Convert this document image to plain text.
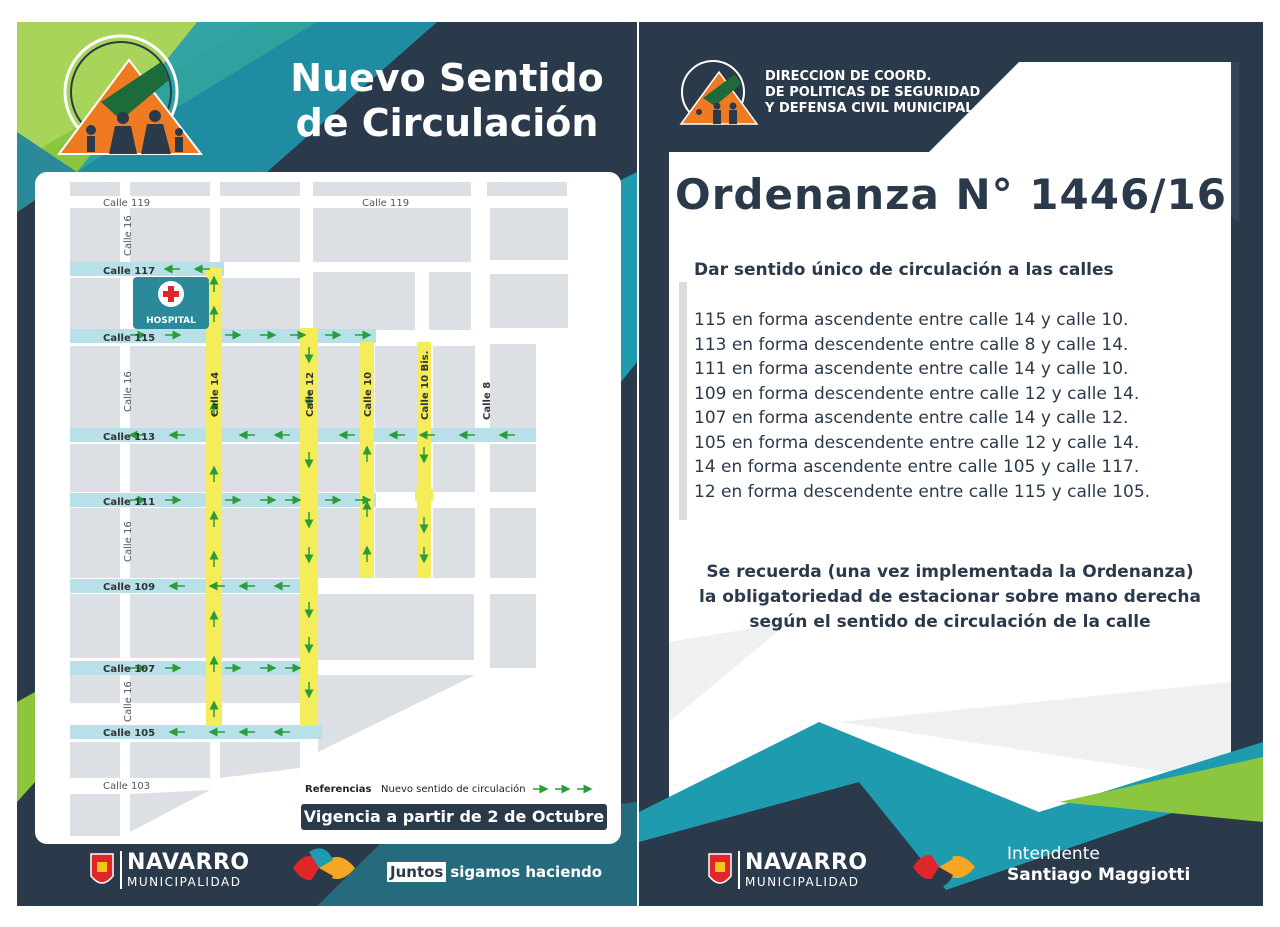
Nuevo Sentido
de Circulación
HOSPITAL
Calle 119	Calle 119
Calle 117
Calle 115
Calle 113
Calle 111
Calle 109
Calle 107
Calle 105
Calle 103
Calle 16
Calle 16
Calle 16
Calle 16
Calle 14	Calle 12	Calle 10	Calle 10 Bis.	Calle 8
Referencias Nuevo sentido de circulación
Vigencia a partir de 2 de Octubre
NAVARRO
MUNICIPALIDAD
Juntos sigamos haciendo
DIRECCION DE COORD.
DE POLITICAS DE SEGURIDAD
Y DEFENSA CIVIL MUNICIPAL
Ordenanza N° 1446/16
Dar sentido único de circulación a las calles
115 en forma ascendente entre calle 14 y calle 10.
113 en forma descendente entre calle 8 y calle 14.
111 en forma ascendente entre calle 14 y calle 10.
109 en forma descendente entre calle 12 y calle 14.
107 en forma ascendente entre calle 14 y calle 12.
105 en forma descendente entre calle 12 y calle 14.
14 en forma ascendente entre calle 105 y calle 117.
12 en forma descendente entre calle 115 y calle 105.
Se recuerda (una vez implementada la Ordenanza)
la obligatoriedad de estacionar sobre mano derecha
según el sentido de circulación de la calle
NAVARRO
MUNICIPALIDAD
Intendente
Santiago Maggiotti
